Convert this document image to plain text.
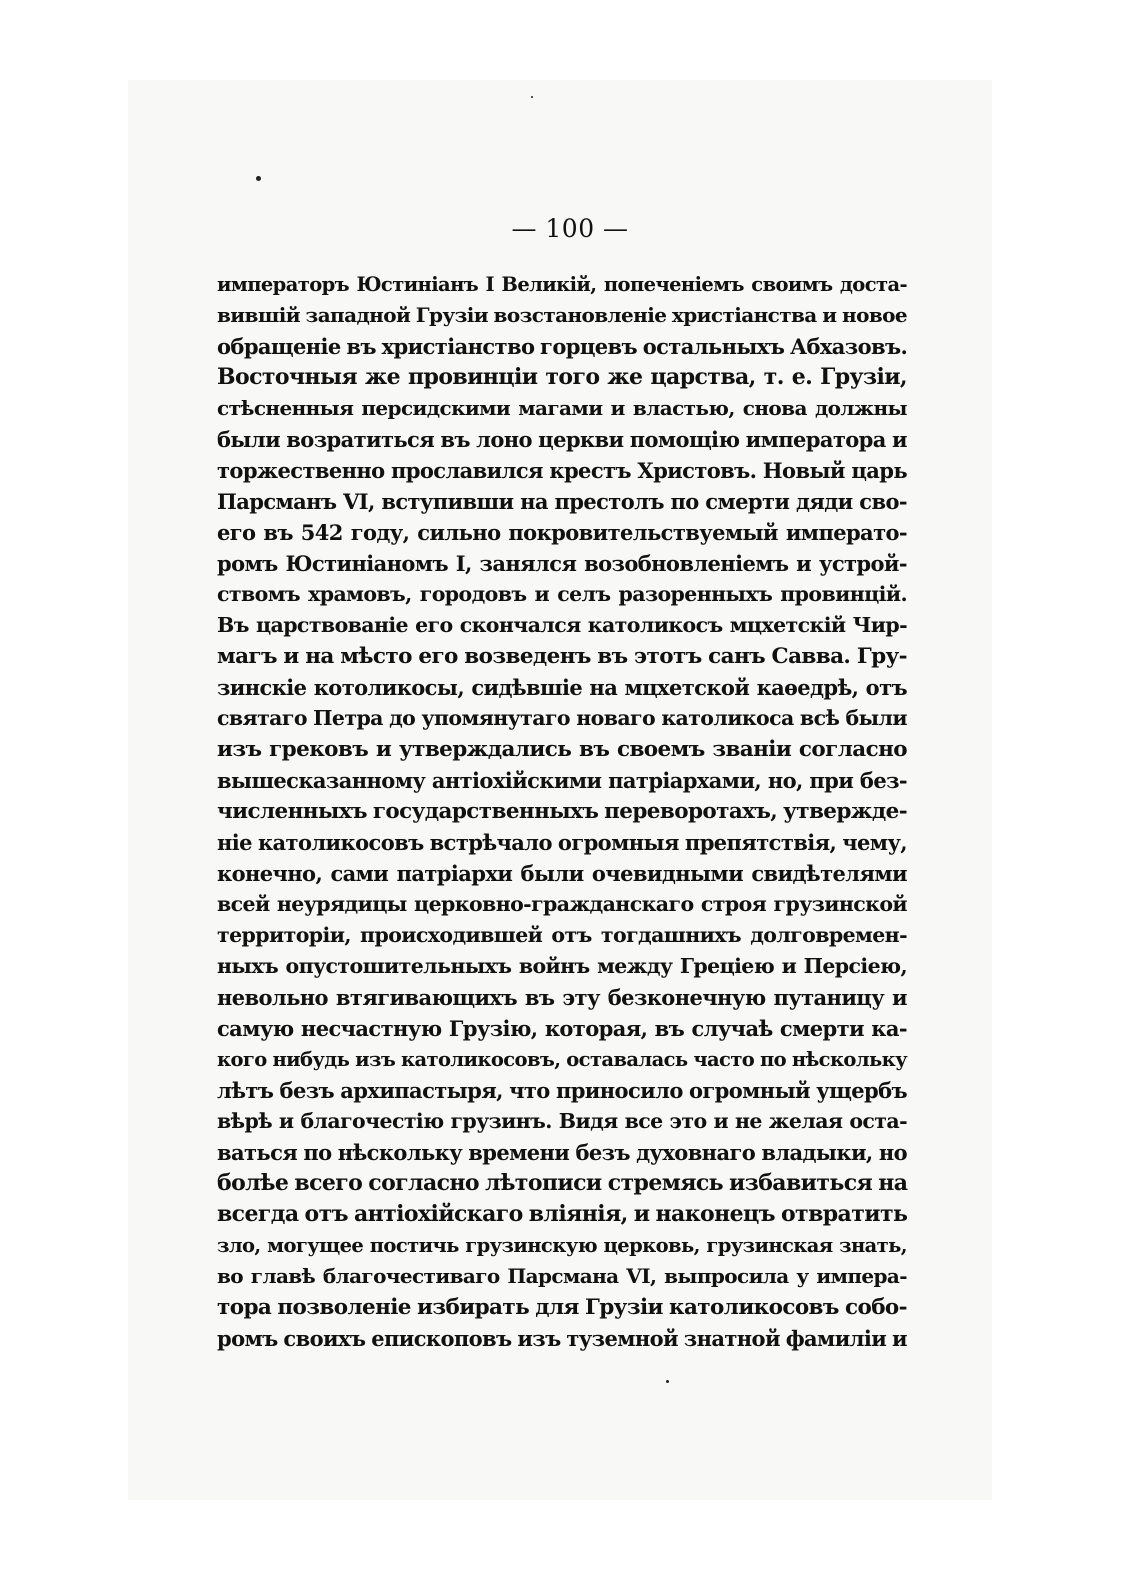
— 100 —
императоръ Юстиніанъ I Великій, попеченіемъ своимъ доста-
вившій западной Грузіи возстановленіе христіанства и новое
обращеніе въ христіанство горцевъ остальныхъ Абхазовъ.
Восточныя же провинціи того же царства, т. е. Грузіи,
стѣсненныя персидскими магами и властью, снова должны
были возратиться въ лоно церкви помощію императора и
торжественно прославился крестъ Христовъ. Новый царь
Парсманъ VI, вступивши на престолъ по смерти дяди сво-
его въ 542 году, сильно покровительствуемый императо-
ромъ Юстиніаномъ I, занялся возобновленіемъ и устрой-
ствомъ храмовъ, городовъ и селъ разоренныхъ провинцій.
Въ царствованіе его скончался католикосъ мцхетскій Чир-
магъ и на мѣсто его возведенъ въ этотъ санъ Савва. Гру-
зинскіе котоликосы, сидѣвшіе на мцхетской каѳедрѣ, отъ
святаго Петра до упомянутаго новаго католикоса всѣ были
изъ грековъ и утверждались въ своемъ званіи согласно
вышесказанному антіохійскими патріархами, но, при без-
численныхъ государственныхъ переворотахъ, утвержде-
ніе католикосовъ встрѣчало огромныя препятствія, чему,
конечно, сами патріархи были очевидными свидѣтелями
всей неурядицы церковно-гражданскаго строя грузинской
территоріи, происходившей отъ тогдашнихъ долговремен-
ныхъ опустошительныхъ войнъ между Греціею и Персіею,
невольно втягивающихъ въ эту безконечную путаницу и
самую несчастную Грузію, которая, въ случаѣ смерти ка-
кого нибудь изъ католикосовъ, оставалась часто по нѣскольку
лѣтъ безъ архипастыря, что приносило огромный ущербъ
вѣрѣ и благочестію грузинъ. Видя все это и не желая оста-
ваться по нѣскольку времени безъ духовнаго владыки, но
болѣе всего согласно лѣтописи стремясь избавиться на
всегда отъ антіохійскаго вліянія, и наконецъ отвратить
зло, могущее постичь грузинскую церковь, грузинская знать,
во главѣ благочестиваго Парсмана VI, выпросила у импера-
тора позволеніе избирать для Грузіи католикосовъ собо-
ромъ своихъ епископовъ изъ туземной знатной фамиліи и
